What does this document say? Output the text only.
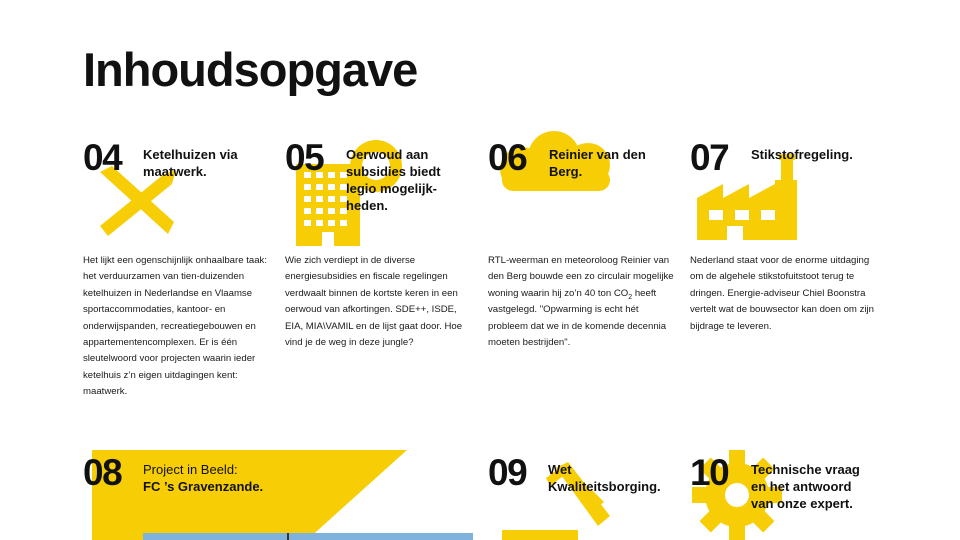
Inhoudsopgave
04 Ketelhuizen via maatwerk.
Het lijkt een ogenschijnlijk onhaalbare taak: het verduurzamen van tien-duizenden ketelhuizen in Nederlandse en Vlaamse sportaccommodaties, kantoor- en onderwijspanden, recreatiegebouwen en appartementencomplexen. Er is één sleutelwoord voor projecten waarin ieder ketelhuis z’n eigen uitdagingen kent: maatwerk.
05 Oerwoud aan subsidies biedt legio mogelijk-heden.
Wie zich verdiept in de diverse energiesubsidies en fiscale regelingen verdwaalt binnen de kortste keren in een oerwoud van afkortingen. SDE++, ISDE, EIA, MIA\VAMIL en de lijst gaat door. Hoe vind je de weg in deze jungle?
06 Reinier van den Berg.
RTL-weerman en meteoroloog Reinier van den Berg bouwde een zo circulair mogelijke woning waarin hij zo’n 40 ton $CO_2$ heeft vastgelegd. "Opwarming is echt hét probleem dat we in de komende decennia moeten bestrijden".
07 Stikstofregeling.
Nederland staat voor de enorme uitdaging om de algehele stikstofuitstoot terug te dringen. Energie-adviseur Chiel Boonstra vertelt wat de bouwsector kan doen om zijn bijdrage te leveren.
08 Project in Beeld:
FC ’s Gravenzande.	09 Wet Kwaliteitsborging. 10 Technische vraag en het antwoord van onze expert.
